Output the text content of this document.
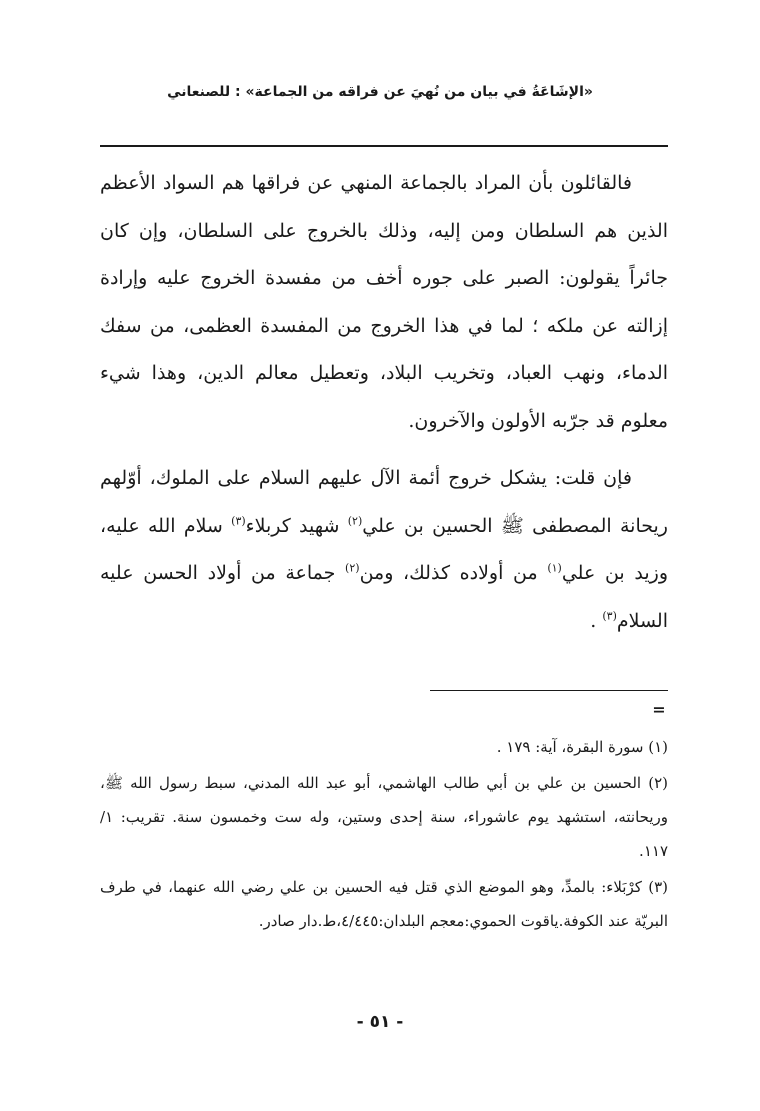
«الإِشَاعَةُ في بيان من نُهِيَ عن فراقه من الجماعة» : للصنعاني

فالقائلون بأن المراد بالجماعة المنهي عن فراقها هم السواد الأعظم الذين هم السلطان ومن إليه، وذلك بالخروج على السلطان، وإن كان جائراً يقولون: الصبر على جوره أخف من مفسدة الخروج عليه وإرادة إزالته عن ملكه ؛ لما في هذا الخروج من المفسدة العظمى، من سفك الدماء، ونهب العباد، وتخريب البلاد، وتعطيل معالم الدين، وهذا شيء معلوم قد جرّبه الأولون والآخرون.

فإن قلت: يشكل خروج أئمة الآل عليهم السلام على الملوك، أوّلهم ريحانة المصطفى ﷺ الحسين بن علي$^{(٢)}$ شهيد كربلاء$^{(٣)}$ سلام الله عليه، وزيد بن علي$^{(١)}$ من أولاده كذلك، ومن$^{(٢)}$ جماعة من أولاد الحسن عليه السلام$^{(٣)}$ .

=

(١) سورة البقرة، آية: ١٧٩ .

(٢) الحسين بن علي بن أبي طالب الهاشمي، أبو عبد الله المدني، سبط رسول الله ﷺ، وريحانته، استشهد يوم عاشوراء، سنة إحدى وستين، وله ست وخمسون سنة. تقريب: ١/ ١١٧.

(٣) كرْبَلاء: بالمدِّ، وهو الموضع الذي قتل فيه الحسين بن علي رضي الله عنهما، في طرف البريّة عند الكوفة.ياقوت الحموي:معجم البلدان:٤/٤٤٥،ط.دار صادر.

- ٥١ -
